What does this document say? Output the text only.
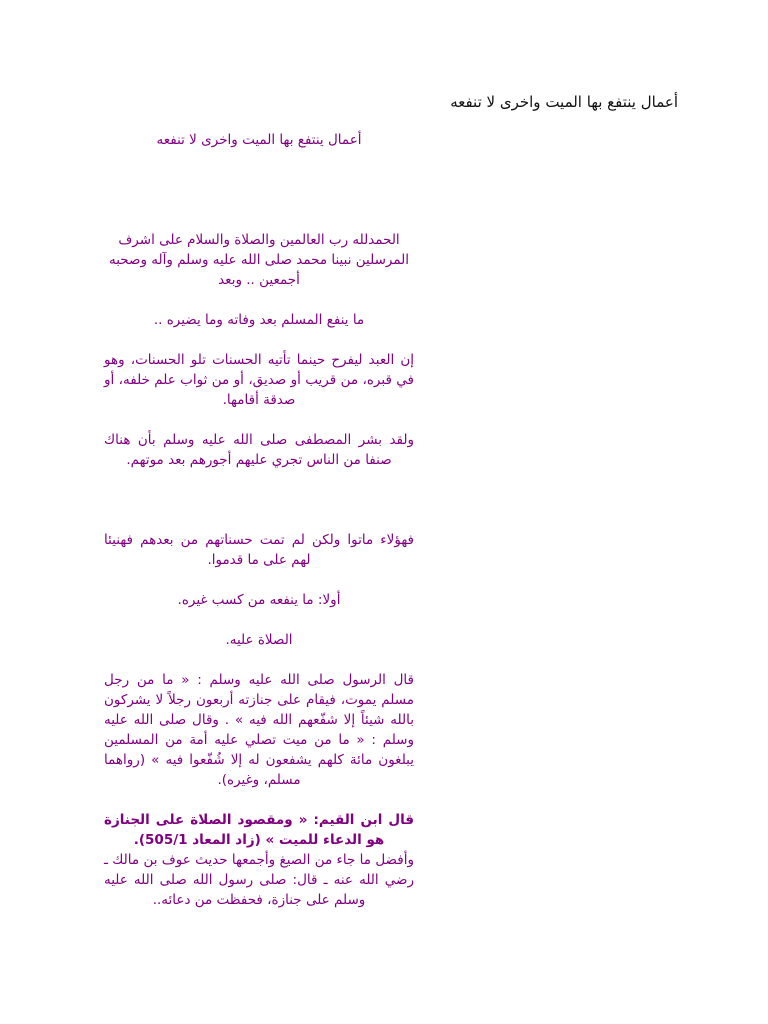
أعمال ينتفع بها الميت واخرى لا تنفعه

أعمال ينتفع بها الميت واخرى لا تنفعه

الحمدلله رب العالمين والصلاة والسلام على اشرف المرسلين نبينا محمد صلى الله عليه وسلم وآله وصحبه أجمعين .. وبعد

ما ينفع المسلم بعد وفاته وما يضيره ..

إن العبد ليفرح حينما تأتيه الحسنات تلو الحسنات، وهو في قبره، من قريب أو صديق، أو من ثواب علم خلفه، أو صدقة أقامها.

ولقد بشر المصطفى صلى الله عليه وسلم بأن هناك صنفا من الناس تجري عليهم أجورهم بعد موتهم.

فهؤلاء ماتوا ولكن لم تمت حسناتهم من بعدهم فهنيئا لهم على ما قدموا.

أولا: ما ينفعه من كسب غيره.

الصلاة عليه.

قال الرسول صلى الله عليه وسلم : « ما من رجل مسلم يموت، فيقام على جنازته أربعون رجلاً لا يشركون بالله شيئاً إلا شفّعهم الله فيه » . وقال صلى الله عليه وسلم : « ما من ميت تصلي عليه أمة من المسلمين يبلغون مائة كلهم يشفعون له إلا شُفّعوا فيه » (رواهما مسلم، وغيره).

قال ابن القيم: « ومقصود الصلاة على الجنازة هو الدعاء للميت » (زاد المعاد 505/1).

وأفضل ما جاء من الصيغ وأجمعها حديث عوف بن مالك ـ رضي الله عنه ـ قال: صلى رسول الله صلى الله عليه وسلم على جنازة، فحفظت من دعائه..
